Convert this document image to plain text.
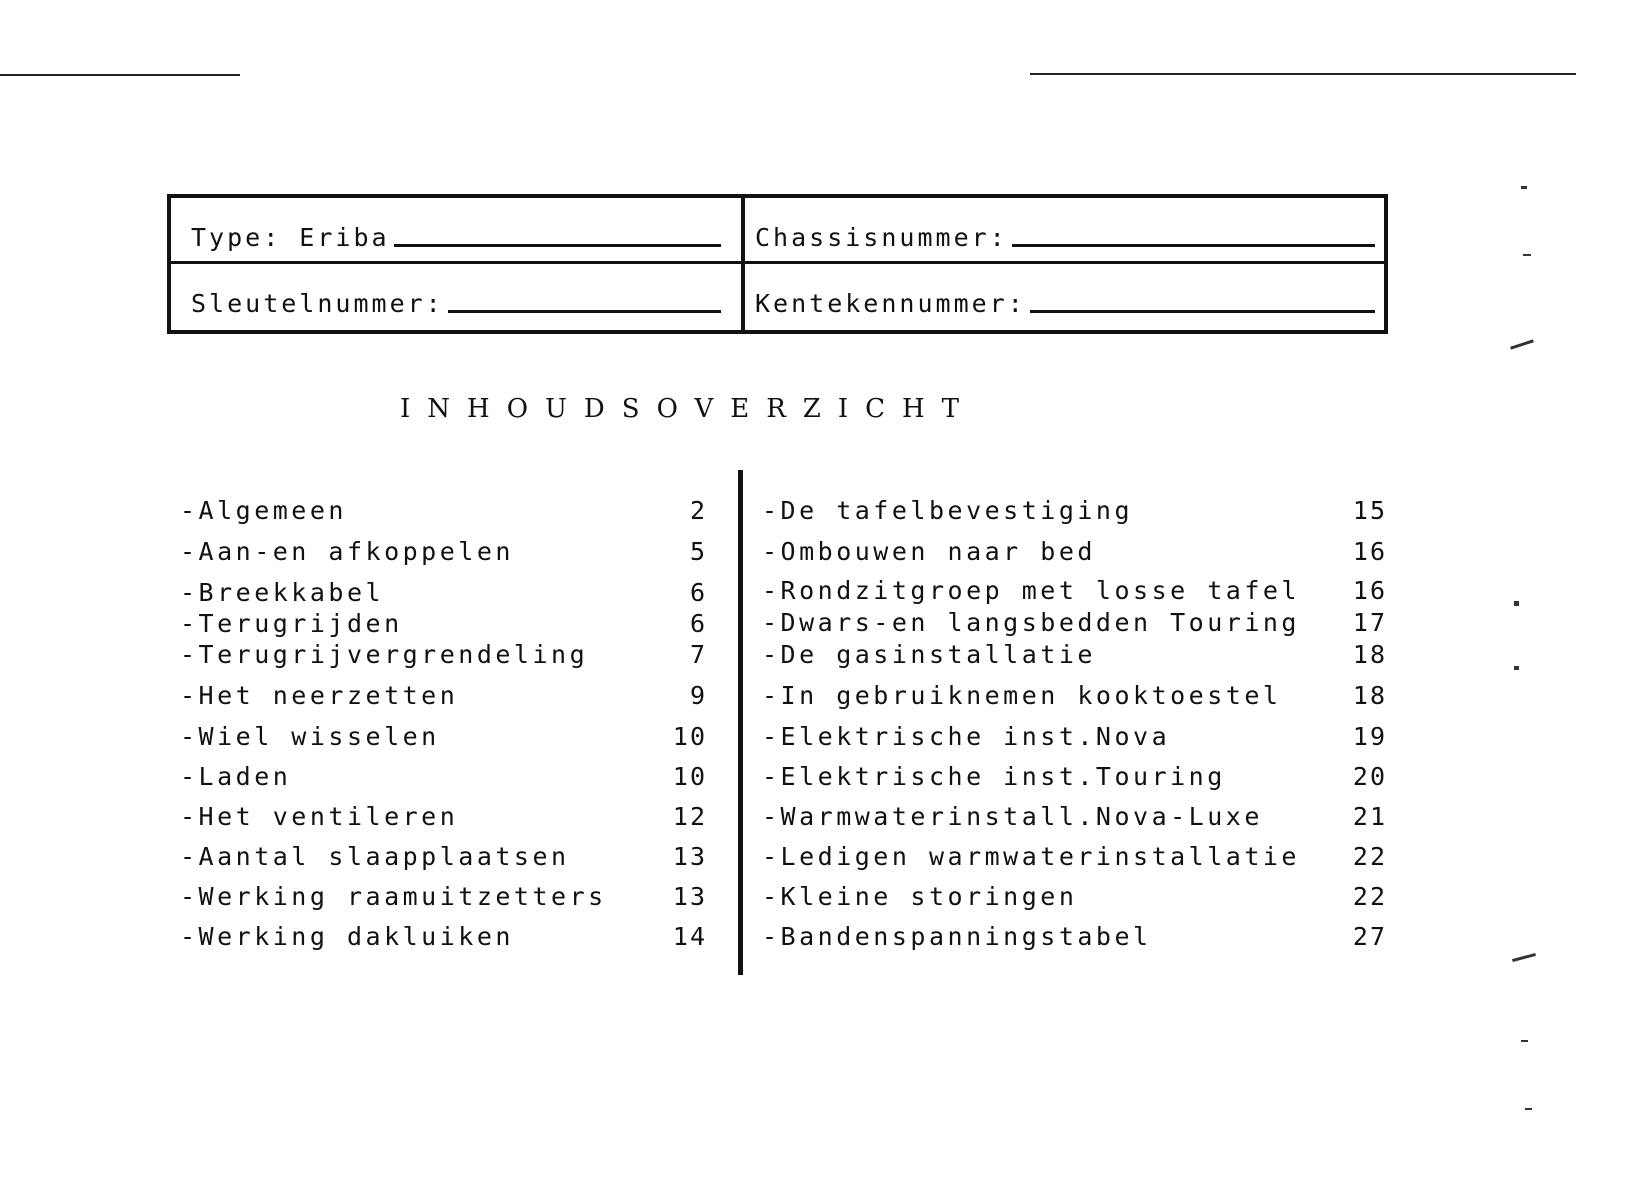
Type: Eriba	Chassisnummer:
Sleutelnummer:	Kentekennummer:
INHOUDSOVERZICHT
-Algemeen	2
-Aan-en afkoppelen	5
-Breekkabel	6
-Terugrijden	6
-Terugrijvergrendeling	7
-Het neerzetten	9
-Wiel wisselen	10
-Laden	10
-Het ventileren	12
-Aantal slaapplaatsen	13
-Werking raamuitzetters	13
-Werking dakluiken	14
-De tafelbevestiging	15
-Ombouwen naar bed	16
-Rondzitgroep met losse tafel 16
-Dwars-en langsbedden Touring 17
-De gasinstallatie	18
-In gebruiknemen kooktoestel	18
-Elektrische inst.Nova	19
-Elektrische inst.Touring	20
-Warmwaterinstall.Nova-Luxe	21
-Ledigen warmwaterinstallatie 22
-Kleine storingen	22
-Bandenspanningstabel	27
